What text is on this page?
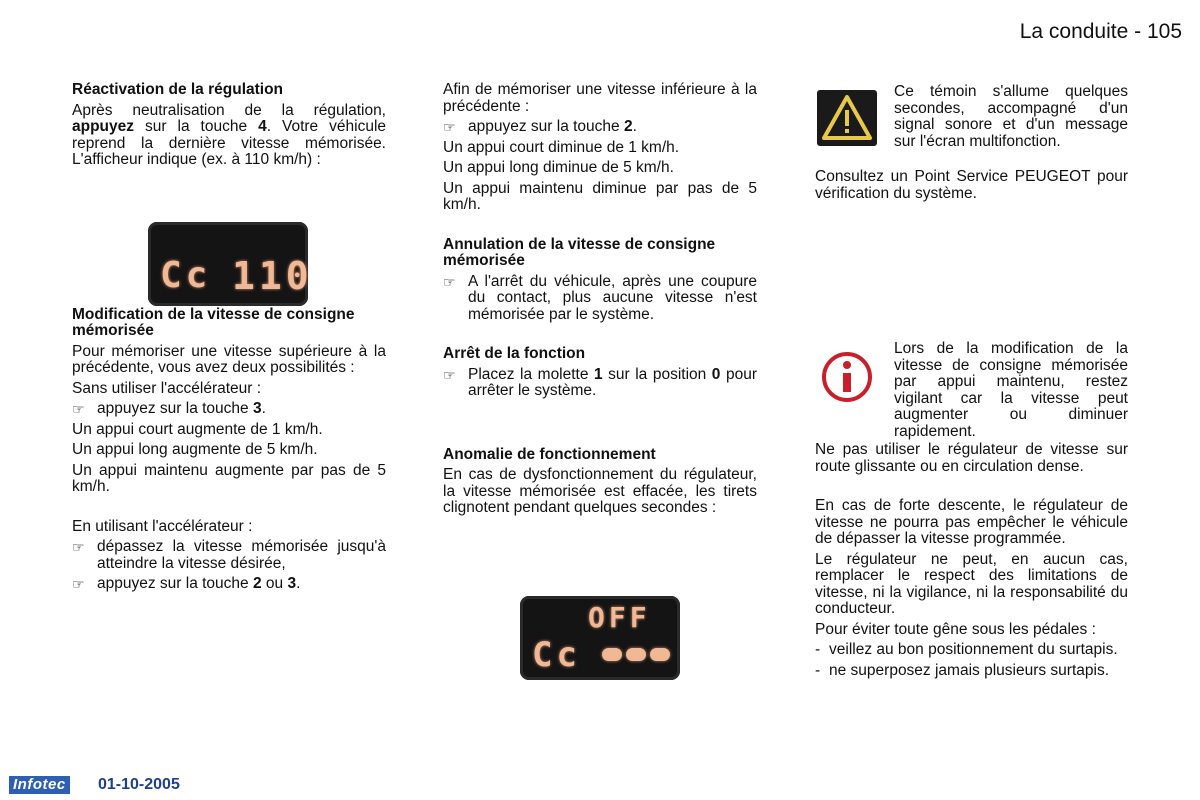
La conduite - 105
Réactivation de la régulation

Après neutralisation de la régulation, appuyez sur la touche 4. Votre véhicule reprend la dernière vitesse mémorisée. L'afficheur indique (ex. à 110 km/h) :

Modification de la vitesse de consigne mémorisée

Pour mémoriser une vitesse supérieure à la précédente, vous avez deux possibilités :

Sans utiliser l'accélérateur :

☞ appuyez sur la touche 3.

Un appui court augmente de 1 km/h.

Un appui long augmente de 5 km/h.

Un appui maintenu augmente par pas de 5 km/h.

En utilisant l'accélérateur :

☞ dépassez la vitesse mémorisée jusqu'à atteindre la vitesse désirée,
☞ appuyez sur la touche 2 ou 3.
Cc 110

Afin de mémoriser une vitesse inférieure à la précédente :

☞ appuyez sur la touche 2.

Un appui court diminue de 1 km/h.

Un appui long diminue de 5 km/h.

Un appui maintenu diminue par pas de 5 km/h.

Annulation de la vitesse de consigne mémorisée
☞ A l'arrêt du véhicule, après une coupure du contact, plus aucune vitesse n'est mémorisée par le système.
Arrêt de la fonction
☞ Placez la molette 1 sur la position 0 pour arrêter le système.
Anomalie de fonctionnement

En cas de dysfonctionnement du régulateur, la vitesse mémorisée est effacée, les tirets clignotent pendant quelques secondes :

OFF
Cc

Ce témoin s'allume quelques secondes, accompagné d'un signal sonore et d'un message sur l'écran multifonction.

Consultez un Point Service PEUGEOT pour vérification du système.

Lors de la modification de la vitesse de consigne mémorisée par appui maintenu, restez vigilant car la vitesse peut augmenter ou diminuer rapidement.

Ne pas utiliser le régulateur de vitesse sur route glissante ou en circulation dense.

En cas de forte descente, le régulateur de vitesse ne pourra pas empêcher le véhicule de dépasser la vitesse programmée.

Le régulateur ne peut, en aucun cas, remplacer le respect des limitations de vitesse, ni la vigilance, ni la responsabilité du conducteur.

Pour éviter toute gêne sous les pédales :

- veillez au bon positionnement du surtapis.
- ne superposez jamais plusieurs surtapis.
Infotec 01-10-2005
